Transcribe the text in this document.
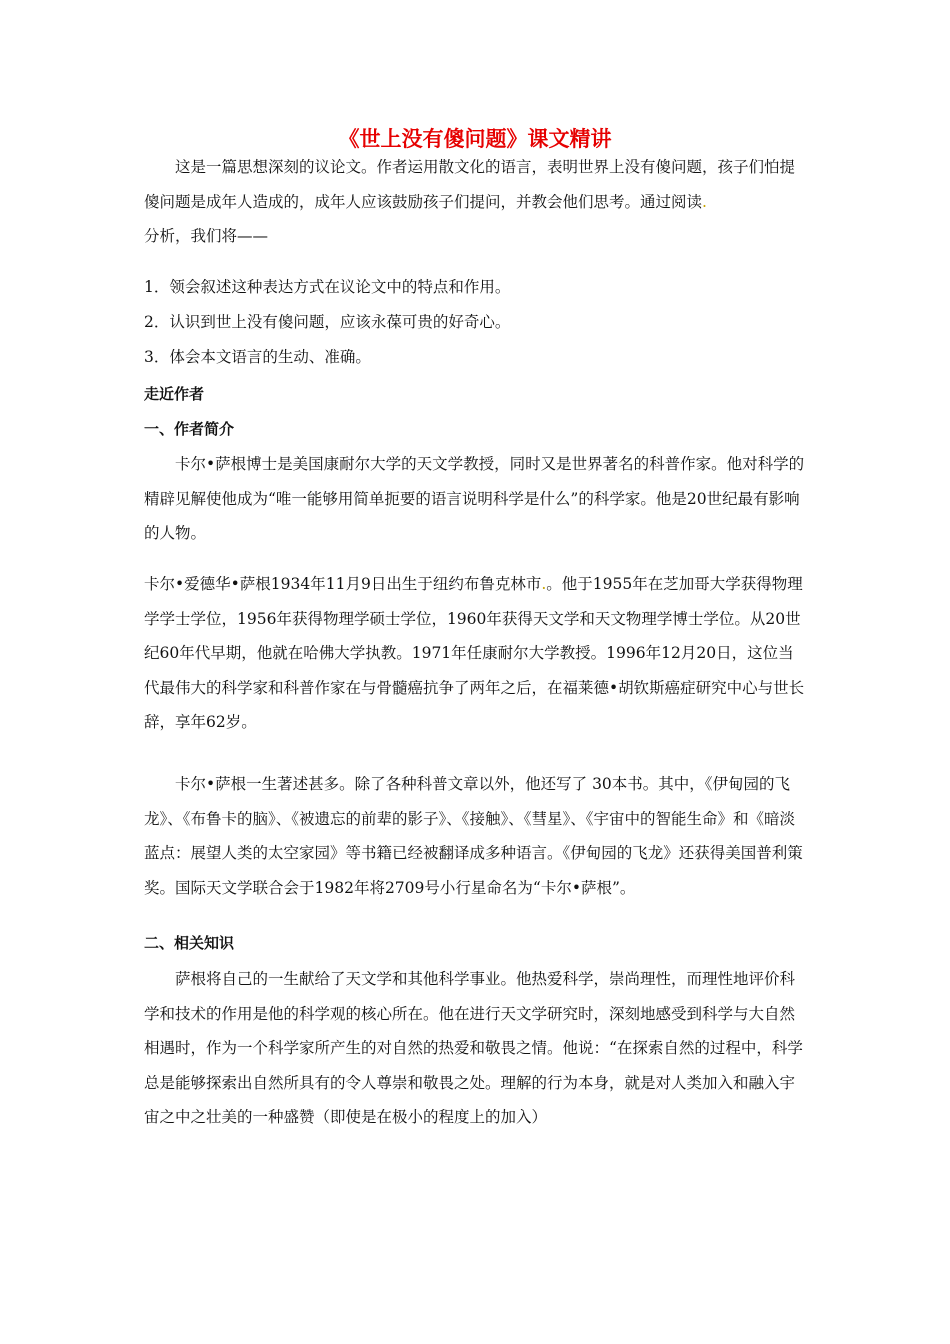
《世上没有傻问题》课文精讲

这是一篇思想深刻的议论文。作者运用散文化的语言，表明世界上没有傻问题，孩子们怕提傻问题是成年人造成的，成年人应该鼓励孩子们提问，并教会他们思考。通过阅读.
分析，我们将——

1．领会叙述这种表达方式在议论文中的特点和作用。

2．认识到世上没有傻问题，应该永葆可贵的好奇心。

3．体会本文语言的生动、准确。

走近作者
一、作者简介

卡尔•萨根博士是美国康耐尔大学的天文学教授，同时又是世界著名的科普作家。他对科学的精辟见解使他成为“唯一能够用简单扼要的语言说明科学是什么”的科学家。他是20世纪最有影响的人物。

卡尔•爱德华•萨根1934年11月9日出生于纽约布鲁克林市.。他于1955年在芝加哥大学获得物理学学士学位，1956年获得物理学硕士学位，1960年获得天文学和天文物理学博士学位。从20世纪60年代早期，他就在哈佛大学执教。1971年任康耐尔大学教授。1996年12月20日，这位当代最伟大的科学家和科普作家在与骨髓癌抗争了两年之后，在福莱德•胡钦斯癌症研究中心与世长辞，享年62岁。

卡尔•萨根一生著述甚多。除了各种科普文章以外，他还写了 30本书。其中，《伊甸园的飞龙》、《布鲁卡的脑》、《被遗忘的前辈的影子》、《接触》、《彗星》、《宇宙中的智能生命》和《暗淡蓝点：展望人类的太空家园》等书籍已经被翻译成多种语言。《伊甸园的飞龙》还获得美国普利策奖。国际天文学联合会于1982年将2709号小行星命名为“卡尔•萨根”。

二、相关知识

萨根将自己的一生献给了天文学和其他科学事业。他热爱科学，崇尚理性，而理性地评价科学和技术的作用是他的科学观的核心所在。他在进行天文学研究时，深刻地感受到科学与大自然相遇时，作为一个科学家所产生的对自然的热爱和敬畏之情。他说：“在探索自然的过程中，科学总是能够探索出自然所具有的令人尊崇和敬畏之处。理解的行为本身，就是对人类加入和融入宇宙之中之壮美的一种盛赞（即使是在极小的程度上的加入）
